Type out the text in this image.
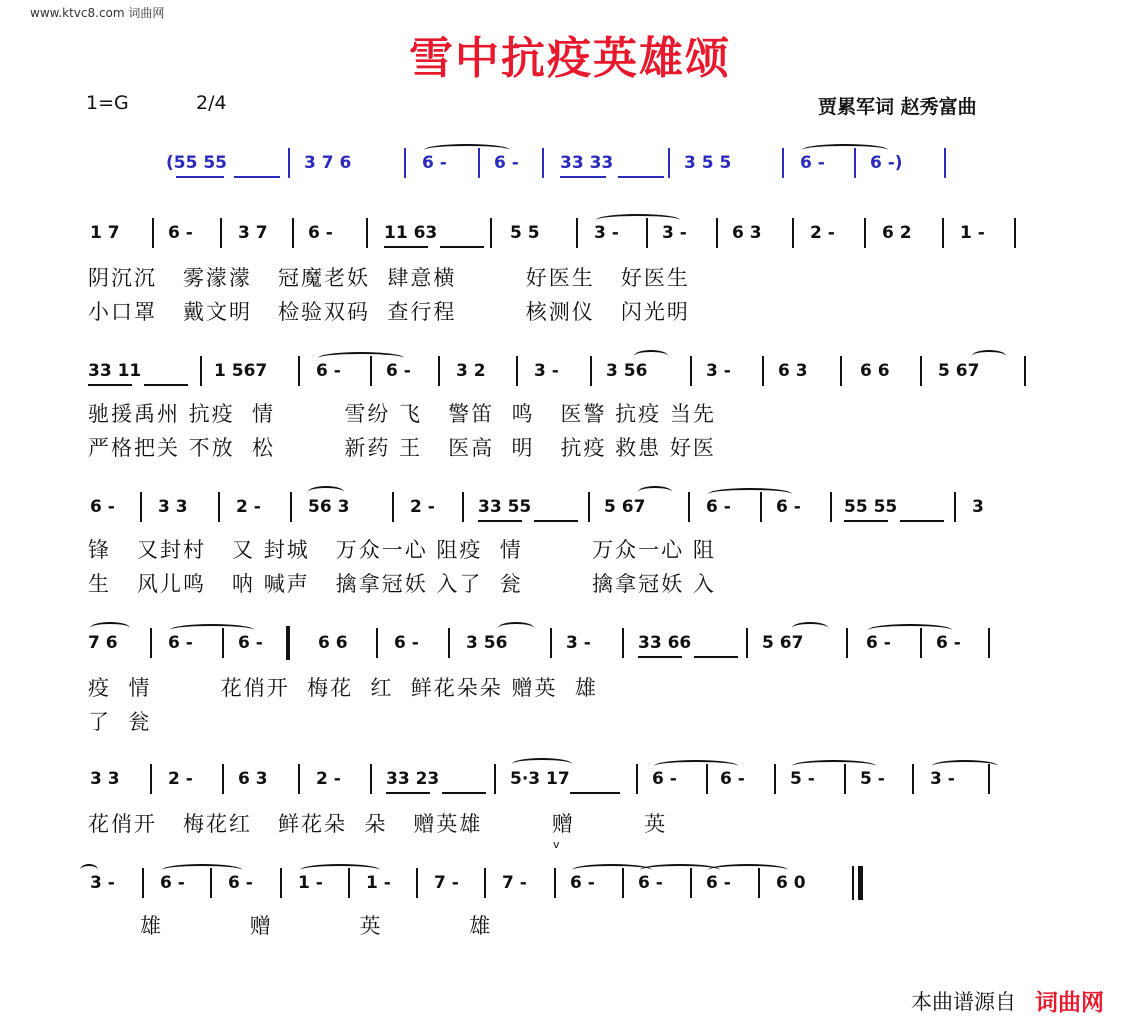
www.ktvc8.com 词曲网
雪中抗疫英雄颂
1=G	2/4	贾累军词 赵秀富曲
(55 55	3 7 6	6 -	6 - 33 33	3 5 5	6 -	6 -)
1 7	6 -	3 7 6 -	11 63	5 5	3 -	3 -	6 3	2 -	6 2	1 -
阴沉沉   雾濛濛   冠魔老妖  肆意横        好医生   好医生
小口罩   戴文明   检验双码  查行程        核测仪   闪光明
33 11	1 567	6 -	6 -	3 2	3 -	3 56	3 -	6 3	6 6	5 67
驰援禹州 抗疫  情        雪纷 飞   警笛  鸣   医警 抗疫 当先
严格把关 不放  松        新药 王   医高  明   抗疫 救患 好医
6 -	3 3	2 -	56 3	2 -	33 55	5 67	6 -	6 -	55 55	3
锋   又封村   又 封城   万众一心 阻疫  情        万众一心 阻
生   风儿鸣   呐 喊声   擒拿冠妖 入了  瓮        擒拿冠妖 入
7 6	6 -	6 -	6 6	6 -	3 56	3 -	33 66	5 67	6 -	6 -
疫  情        花俏开  梅花  红  鲜花朵朵 赠英  雄
了  瓮
3 3	2 -	6 3	2 -	33 23	5·3 17	6 -	6 -	5 -	5 -	3 -
花俏开   梅花红   鲜花朵  朵   赠英雄        赠        英
v
3 -	6 -	6 -	1 -	1 -	7 -	7 -	6 -	6 -	6 -	6 0
雄          赠          英          雄
本曲谱源自 词曲网
